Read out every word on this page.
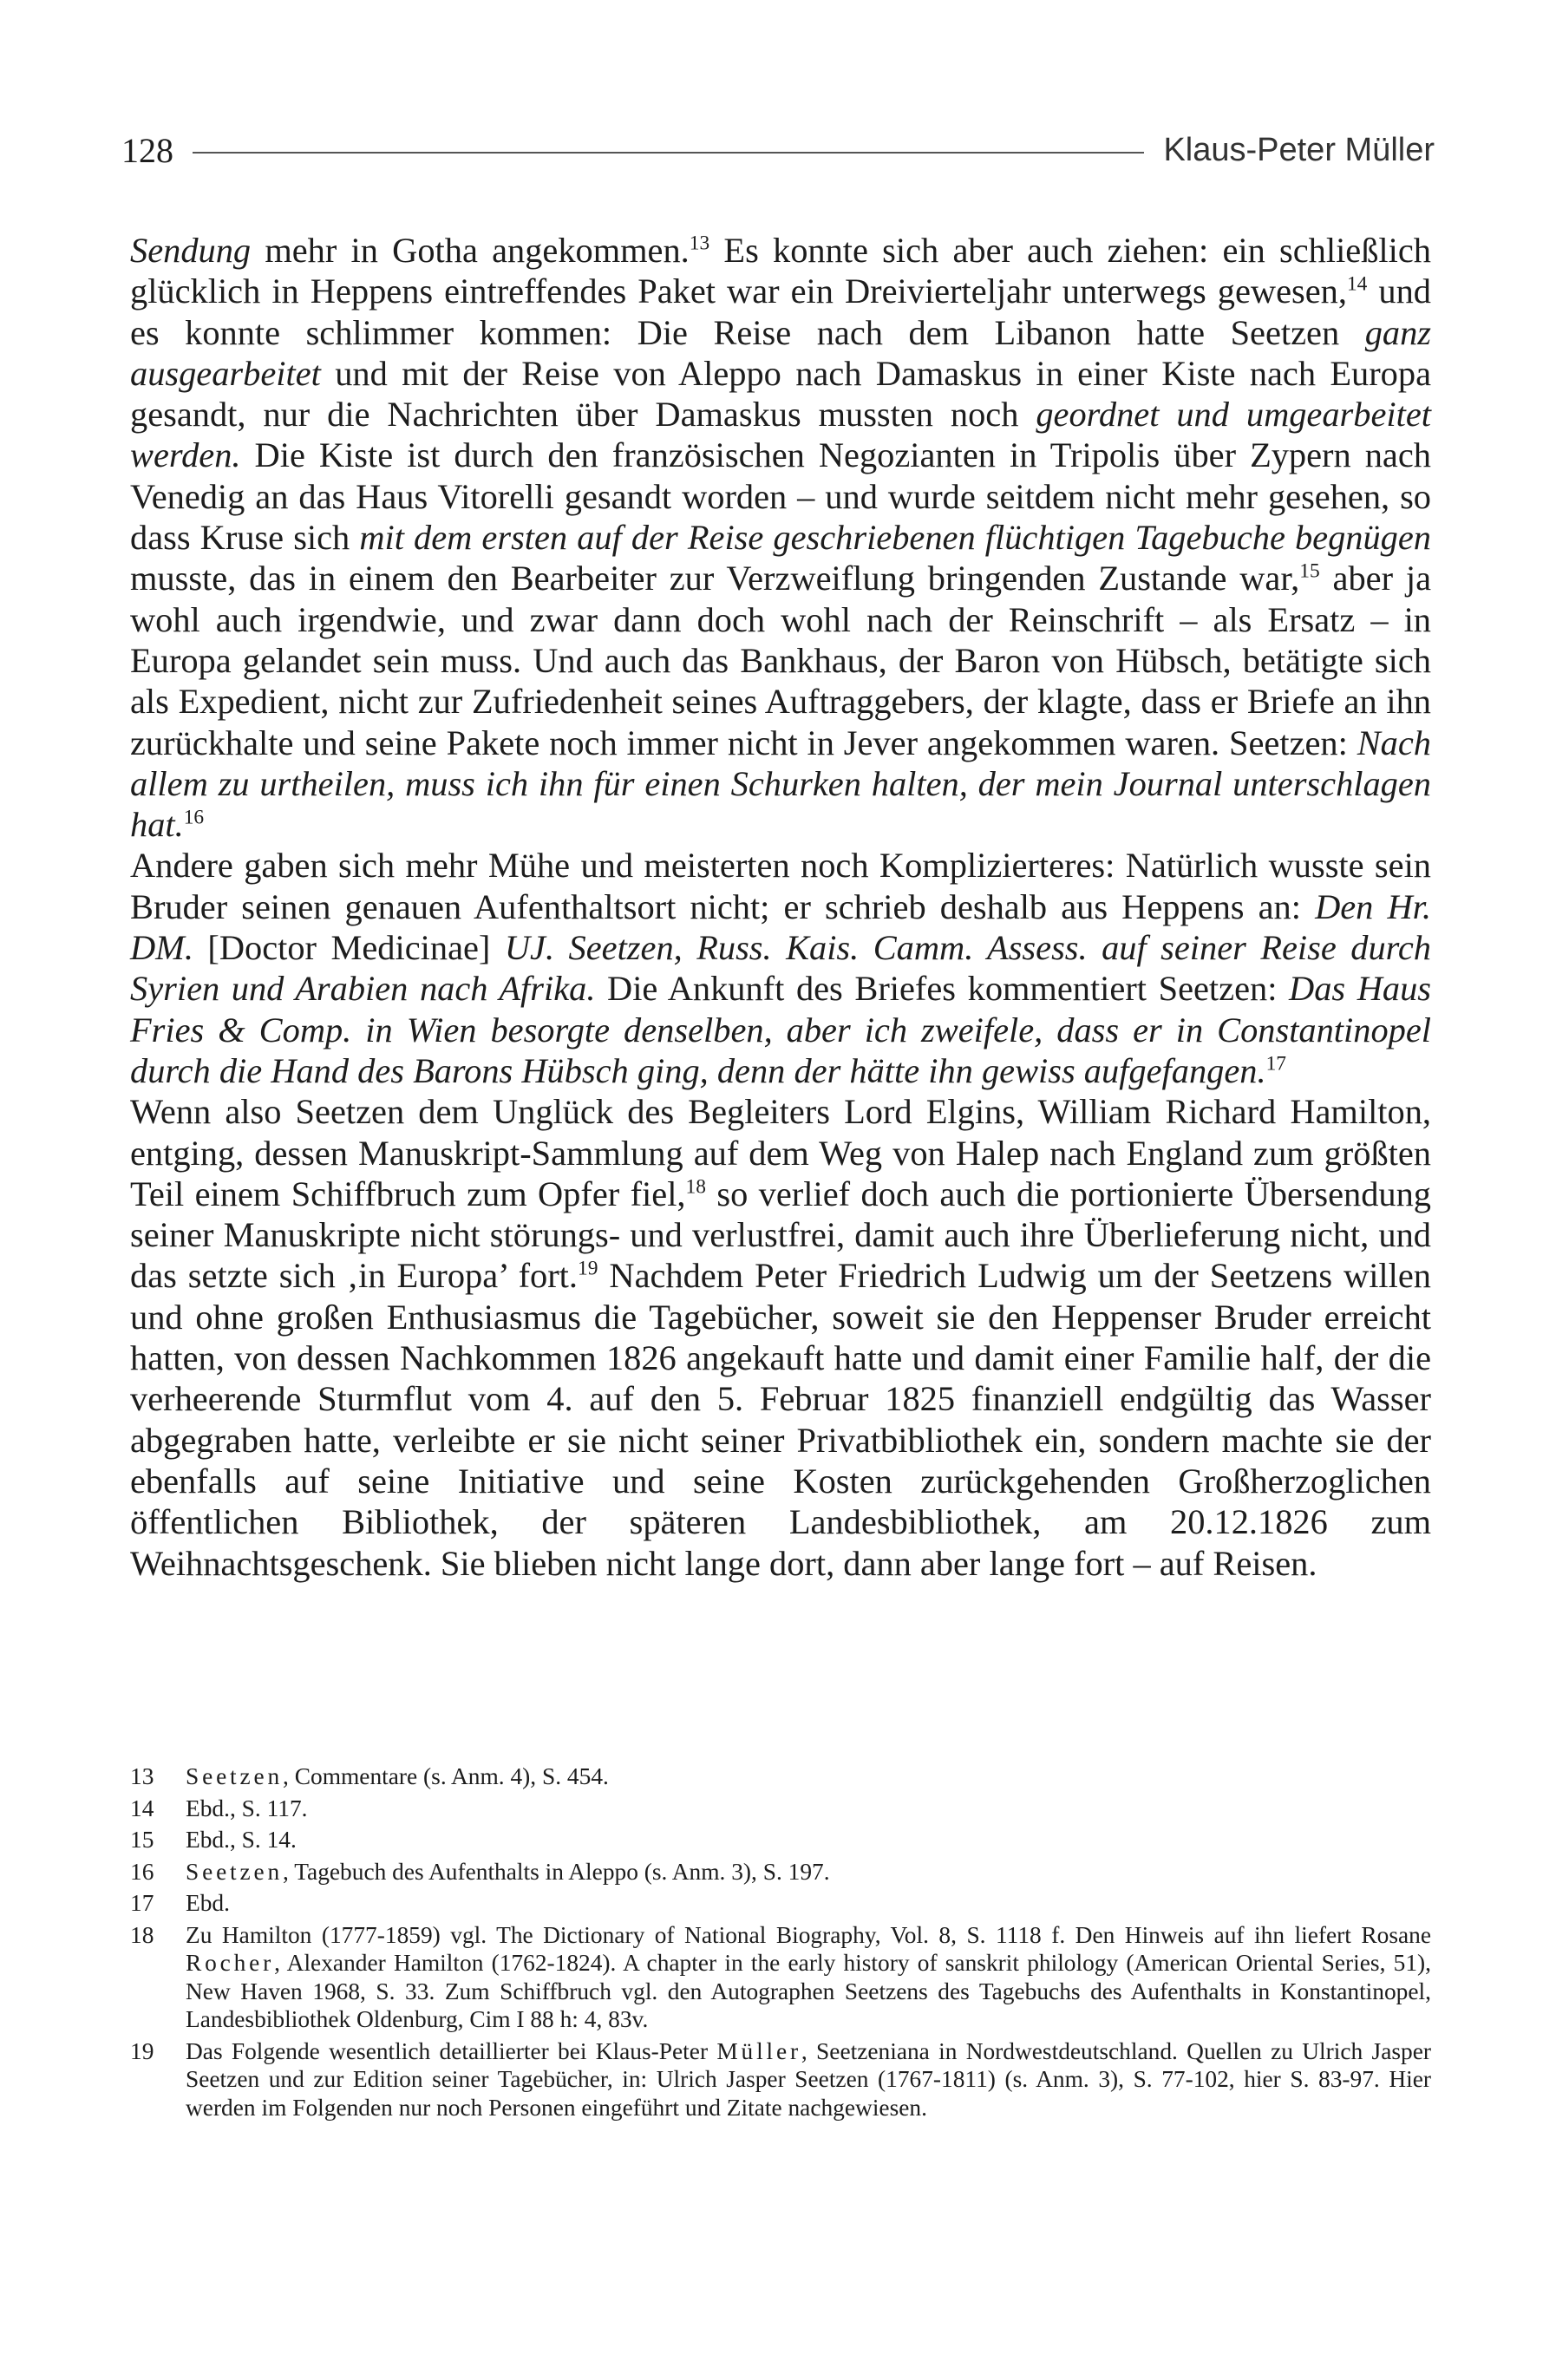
128	Klaus-Peter Müller

Sendung mehr in Gotha angekommen.$^{13}$ Es konnte sich aber auch ziehen: ein schließlich glücklich in Heppens eintreffendes Paket war ein Dreivierteljahr unterwegs gewesen,$^{14}$ und es konnte schlimmer kommen: Die Reise nach dem Libanon hatte Seetzen ganz ausgearbeitet und mit der Reise von Aleppo nach Damaskus in einer Kiste nach Europa gesandt, nur die Nachrichten über Damaskus mussten noch geordnet und umgearbeitet werden. Die Kiste ist durch den französischen Negozianten in Tripolis über Zypern nach Venedig an das Haus Vitorelli gesandt worden – und wurde seitdem nicht mehr gesehen, so dass Kruse sich mit dem ersten auf der Reise geschriebenen flüchtigen Tagebuche begnügen musste, das in einem den Bearbeiter zur Verzweiflung bringenden Zustande war,$^{15}$ aber ja wohl auch irgendwie, und zwar dann doch wohl nach der Reinschrift – als Ersatz – in Europa gelandet sein muss. Und auch das Bankhaus, der Baron von Hübsch, betätigte sich als Expedient, nicht zur Zufriedenheit seines Auftraggebers, der klagte, dass er Briefe an ihn zurückhalte und seine Pakete noch immer nicht in Jever angekommen waren. Seetzen: Nach allem zu urtheilen, muss ich ihn für einen Schurken halten, der mein Journal unterschlagen hat.$^{16}$

Andere gaben sich mehr Mühe und meisterten noch Komplizierteres: Natürlich wusste sein Bruder seinen genauen Aufenthaltsort nicht; er schrieb deshalb aus Heppens an: Den Hr. DM. [Doctor Medicinae] UJ. Seetzen, Russ. Kais. Camm. Assess. auf seiner Reise durch Syrien und Arabien nach Afrika. Die Ankunft des Briefes kommentiert Seetzen: Das Haus Fries & Comp. in Wien besorgte denselben, aber ich zweifele, dass er in Constantinopel durch die Hand des Barons Hübsch ging, denn der hätte ihn gewiss aufgefangen.$^{17}$

Wenn also Seetzen dem Unglück des Begleiters Lord Elgins, William Richard Hamilton, entging, dessen Manuskript-Sammlung auf dem Weg von Halep nach England zum größten Teil einem Schiffbruch zum Opfer fiel,$^{18}$ so verlief doch auch die portionierte Übersendung seiner Manuskripte nicht störungs- und verlustfrei, damit auch ihre Überlieferung nicht, und das setzte sich ‚in Europa’ fort.$^{19}$ Nachdem Peter Friedrich Ludwig um der Seetzens willen und ohne großen Enthusiasmus die Tagebücher, soweit sie den Heppenser Bruder erreicht hatten, von dessen Nachkommen 1826 angekauft hatte und damit einer Familie half, der die verheerende Sturmflut vom 4. auf den 5. Februar 1825 finanziell endgültig das Wasser abgegraben hatte, verleibte er sie nicht seiner Privatbibliothek ein, sondern machte sie der ebenfalls auf seine Initiative und seine Kosten zurückgehenden Großherzoglichen öffentlichen Bibliothek, der späteren Landesbibliothek, am 20.12.1826 zum Weihnachtsgeschenk. Sie blieben nicht lange dort, dann aber lange fort – auf Reisen.

13	Seetzen, Commentare (s. Anm. 4), S. 454.
14	Ebd., S. 117.
15	Ebd., S. 14.
16	Seetzen, Tagebuch des Aufenthalts in Aleppo (s. Anm. 3), S. 197.
17	Ebd.
18	Zu Hamilton (1777-1859) vgl. The Dictionary of National Biography, Vol. 8, S. 1118 f. Den Hinweis auf ihn liefert Rosane Rocher, Alexander Hamilton (1762-1824). A chapter in the early history of sanskrit philology (American Oriental Series, 51), New Haven 1968, S. 33. Zum Schiffbruch vgl. den Autographen Seetzens des Tagebuchs des Aufenthalts in Konstantinopel, Landesbibliothek Oldenburg, Cim I 88 h: 4, 83v.
19	Das Folgende wesentlich detaillierter bei Klaus-Peter Müller, Seetzeniana in Nordwestdeutschland. Quellen zu Ulrich Jasper Seetzen und zur Edition seiner Tagebücher, in: Ulrich Jasper Seetzen (1767-1811) (s. Anm. 3), S. 77-102, hier S. 83-97. Hier werden im Folgenden nur noch Personen eingeführt und Zitate nachgewiesen.
